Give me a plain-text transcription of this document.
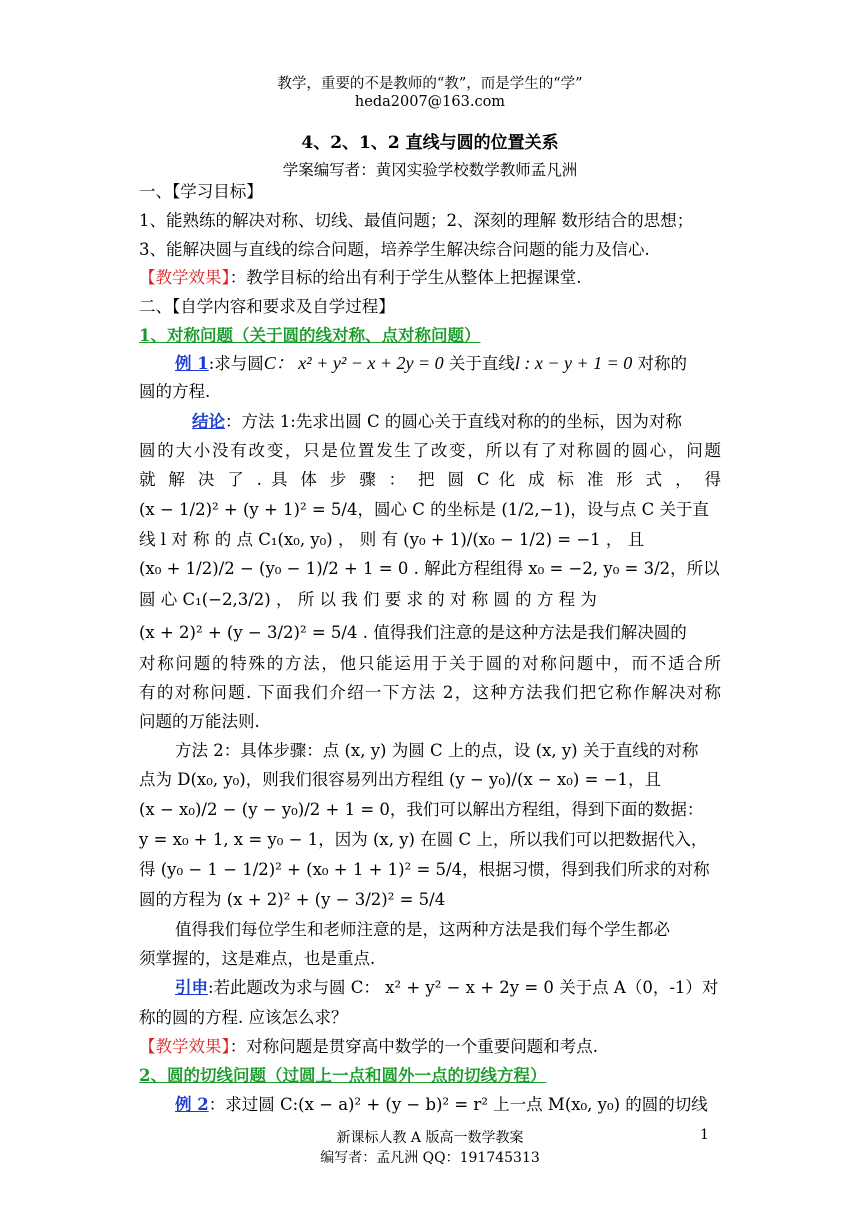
教学，重要的不是教师的“教”，而是学生的“学”
heda2007@163.com
4、2、1、2 直线与圆的位置关系
学案编写者：黄冈实验学校数学教师孟凡洲
一、【学习目标】
1、能熟练的解决对称、切线、最值问题；2、深刻的理解 数形结合的思想；
3、能解决圆与直线的综合问题，培养学生解决综合问题的能力及信心.
【教学效果】：教学目标的给出有利于学生从整体上把握课堂.
二、【自学内容和要求及自学过程】
1、对称问题（关于圆的线对称、点对称问题）
例 1:求与圆C： x² + y² − x + 2y = 0 关于直线l : x − y + 1 = 0 对称的
圆的方程.
结论：方法 1:先求出圆 C 的圆心关于直线对称的的坐标，因为对称
圆的大小没有改变，只是位置发生了改变，所以有了对称圆的圆心，问题
就 解 决 了 . 具 体 步 骤 ： 把 圆 C 化 成 标 准 形 式 ， 得
(x − 1/2)² + (y + 1)² = 5/4，圆心 C 的坐标是 (1/2,−1)，设与点 C 关于直
线 l 对 称 的 点 C₁(x₀, y₀) ， 则 有 (y₀ + 1)/(x₀ − 1/2) = −1 ， 且
(x₀ + 1/2)/2 − (y₀ − 1)/2 + 1 = 0 . 解此方程组得 x₀ = −2, y₀ = 3/2，所以
圆 心 C₁(−2,3/2) ， 所 以 我 们 要 求 的 对 称 圆 的 方 程 为
(x + 2)² + (y − 3/2)² = 5/4 . 值得我们注意的是这种方法是我们解决圆的
对称问题的特殊的方法，他只能运用于关于圆的对称问题中，而不适合所
有的对称问题. 下面我们介绍一下方法 2，这种方法我们把它称作解决对称
问题的万能法则.
方法 2：具体步骤：点 (x, y) 为圆 C 上的点，设 (x, y) 关于直线的对称
点为 D(x₀, y₀)，则我们很容易列出方程组 (y − y₀)/(x − x₀) = −1，且
(x − x₀)/2 − (y − y₀)/2 + 1 = 0，我们可以解出方程组，得到下面的数据：
y = x₀ + 1, x = y₀ − 1，因为 (x, y) 在圆 C 上，所以我们可以把数据代入，
得 (y₀ − 1 − 1/2)² + (x₀ + 1 + 1)² = 5/4，根据习惯，得到我们所求的对称
圆的方程为 (x + 2)² + (y − 3/2)² = 5/4
值得我们每位学生和老师注意的是，这两种方法是我们每个学生都必
须掌握的，这是难点，也是重点.
引申:若此题改为求与圆 C： x² + y² − x + 2y = 0 关于点 A（0，-1）对
称的圆的方程. 应该怎么求？
【教学效果】：对称问题是贯穿高中数学的一个重要问题和考点.
2、圆的切线问题（过圆上一点和圆外一点的切线方程）
例 2：求过圆 C:(x − a)² + (y − b)² = r² 上一点 M(x₀, y₀) 的圆的切线
新课标人教 A 版高一数学教案	1
编写者：孟凡洲 QQ：191745313
